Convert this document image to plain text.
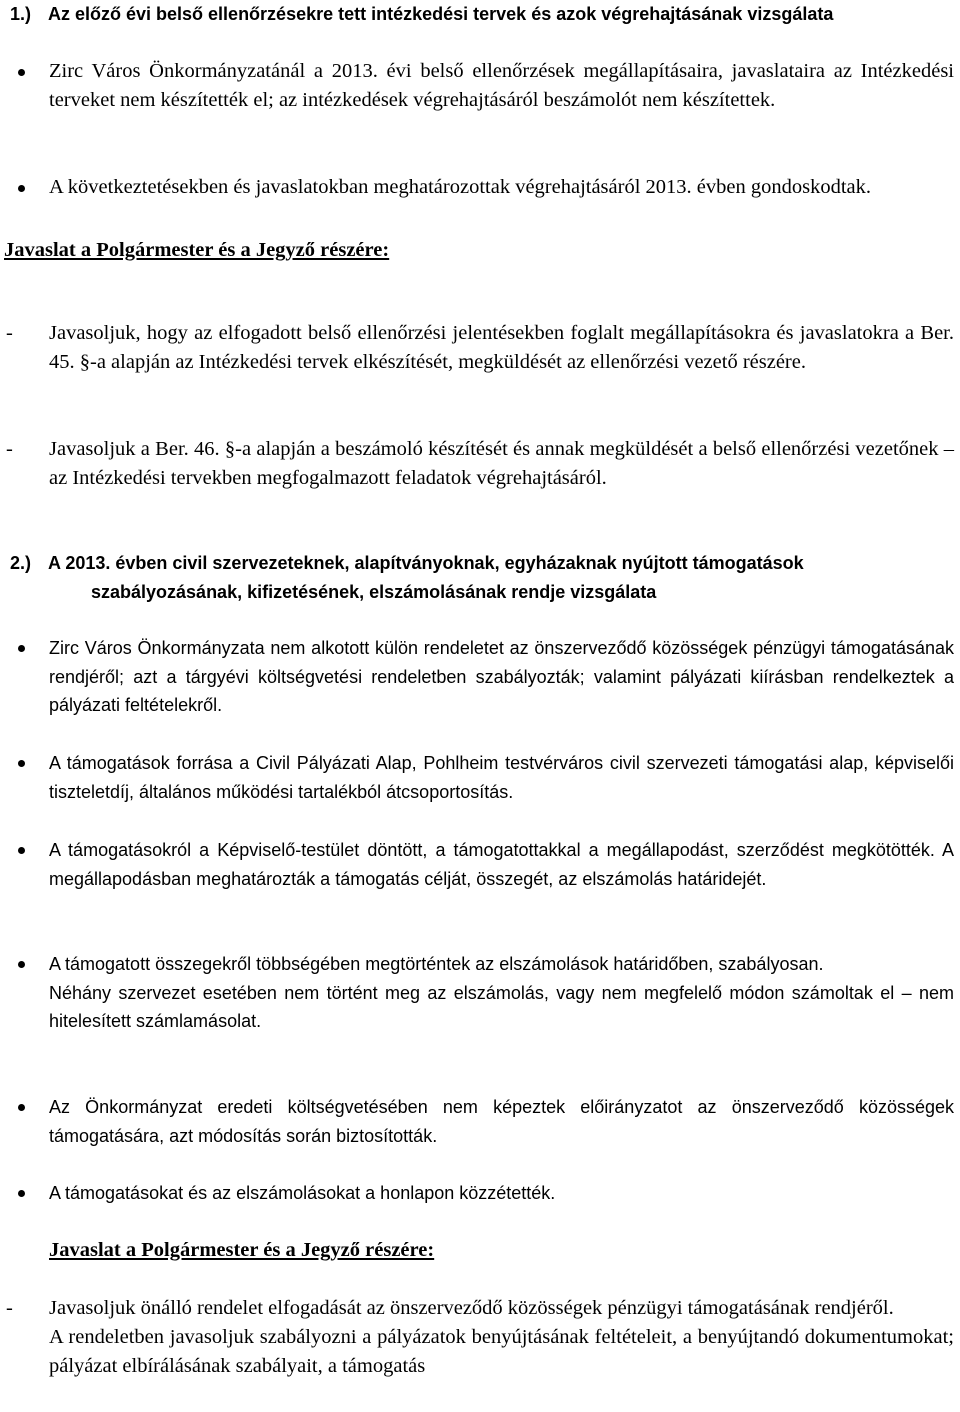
1.) Az előző évi belső ellenőrzésekre tett intézkedési tervek és azok végrehajtásának vizsgálata

Zirc Város Önkormányzatánál a 2013. évi belső ellenőrzések megállapításaira, javaslataira az Intézkedési terveket nem készítették el; az intézkedések végrehajtásáról beszámolót nem készítettek.

A következtetésekben és javaslatokban meghatározottak végrehajtásáról 2013. évben gondoskodtak.

Javaslat a Polgármester és a Jegyző részére:
-	Javasoljuk, hogy az elfogadott belső ellenőrzési jelentésekben foglalt megállapításokra és javaslatokra a Ber. 45. §-a alapján az Intézkedési tervek elkészítését, megküldését az ellenőrzési vezető részére.

-	Javasoljuk a Ber. 46. §-a alapján a beszámoló készítését és annak megküldését a belső ellenőrzési vezetőnek – az Intézkedési tervekben megfogalmazott feladatok végrehajtásáról.

2.) A 2013. évben civil szervezeteknek, alapítványoknak, egyházaknak nyújtott támogatások
szabályozásának, kifizetésének, elszámolásának rendje vizsgálata

Zirc Város Önkormányzata nem alkotott külön rendeletet az önszerveződő közösségek pénzügyi támogatásának rendjéről; azt a tárgyévi költségvetési rendeletben szabályozták; valamint pályázati kiírásban rendelkeztek a pályázati feltételekről.

A támogatások forrása a Civil Pályázati Alap, Pohlheim testvérváros civil szervezeti támogatási alap, képviselői tiszteletdíj, általános működési tartalékból átcsoportosítás.

A támogatásokról a Képviselő-testület döntött, a támogatottakkal a megállapodást, szerződést megkötötték. A megállapodásban meghatározták a támogatás célját, összegét, az elszámolás határidejét.

A támogatott összegekről többségében megtörténtek az elszámolások határidőben, szabályosan.

Néhány szervezet esetében nem történt meg az elszámolás, vagy nem megfelelő módon számoltak el – nem hitelesített számlamásolat.

Az Önkormányzat eredeti költségvetésében nem képeztek előirányzatot az önszerveződő közösségek támogatására, azt módosítás során biztosították.

A támogatásokat és az elszámolásokat a honlapon közzétették.

Javaslat a Polgármester és a Jegyző részére:
-	Javasoljuk önálló rendelet elfogadását az önszerveződő közösségek pénzügyi támogatásának rendjéről.

A rendeletben javasoljuk szabályozni a pályázatok benyújtásának feltételeit, a benyújtandó dokumentumokat; pályázat elbírálásának szabályait, a támogatás
